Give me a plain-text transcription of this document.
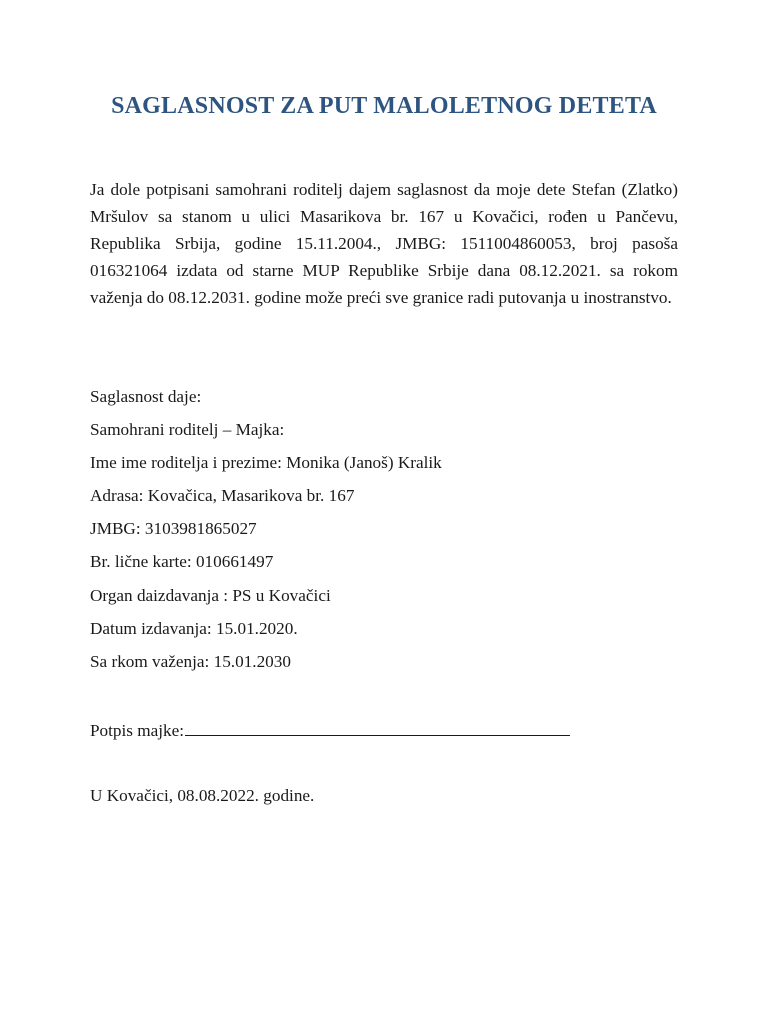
SAGLASNOST ZA PUT MALOLETNOG DETETA

Ja dole potpisani samohrani roditelj dajem saglasnost da moje dete Stefan (Zlatko) Mršulov sa stanom u ulici Masarikova br. 167 u Kovačici, rođen u Pančevu, Republika Srbija, godine 15.11.2004., JMBG: 1511004860053, broj pasoša 016321064 izdata od starne MUP Republike Srbije dana 08.12.2021. sa rokom važenja do 08.12.2031. godine može preći sve granice radi putovanja u inostranstvo.

Saglasnost daje:

Samohrani roditelj – Majka:

Ime ime roditelja i prezime: Monika (Janoš) Kralik

Adrasa: Kovačica, Masarikova br. 167

JMBG: 3103981865027

Br. lične karte: 010661497

Organ daizdavanja : PS u Kovačici

Datum izdavanja: 15.01.2020.

Sa rkom važenja: 15.01.2030

Potpis majke:

U Kovačici, 08.08.2022. godine.
